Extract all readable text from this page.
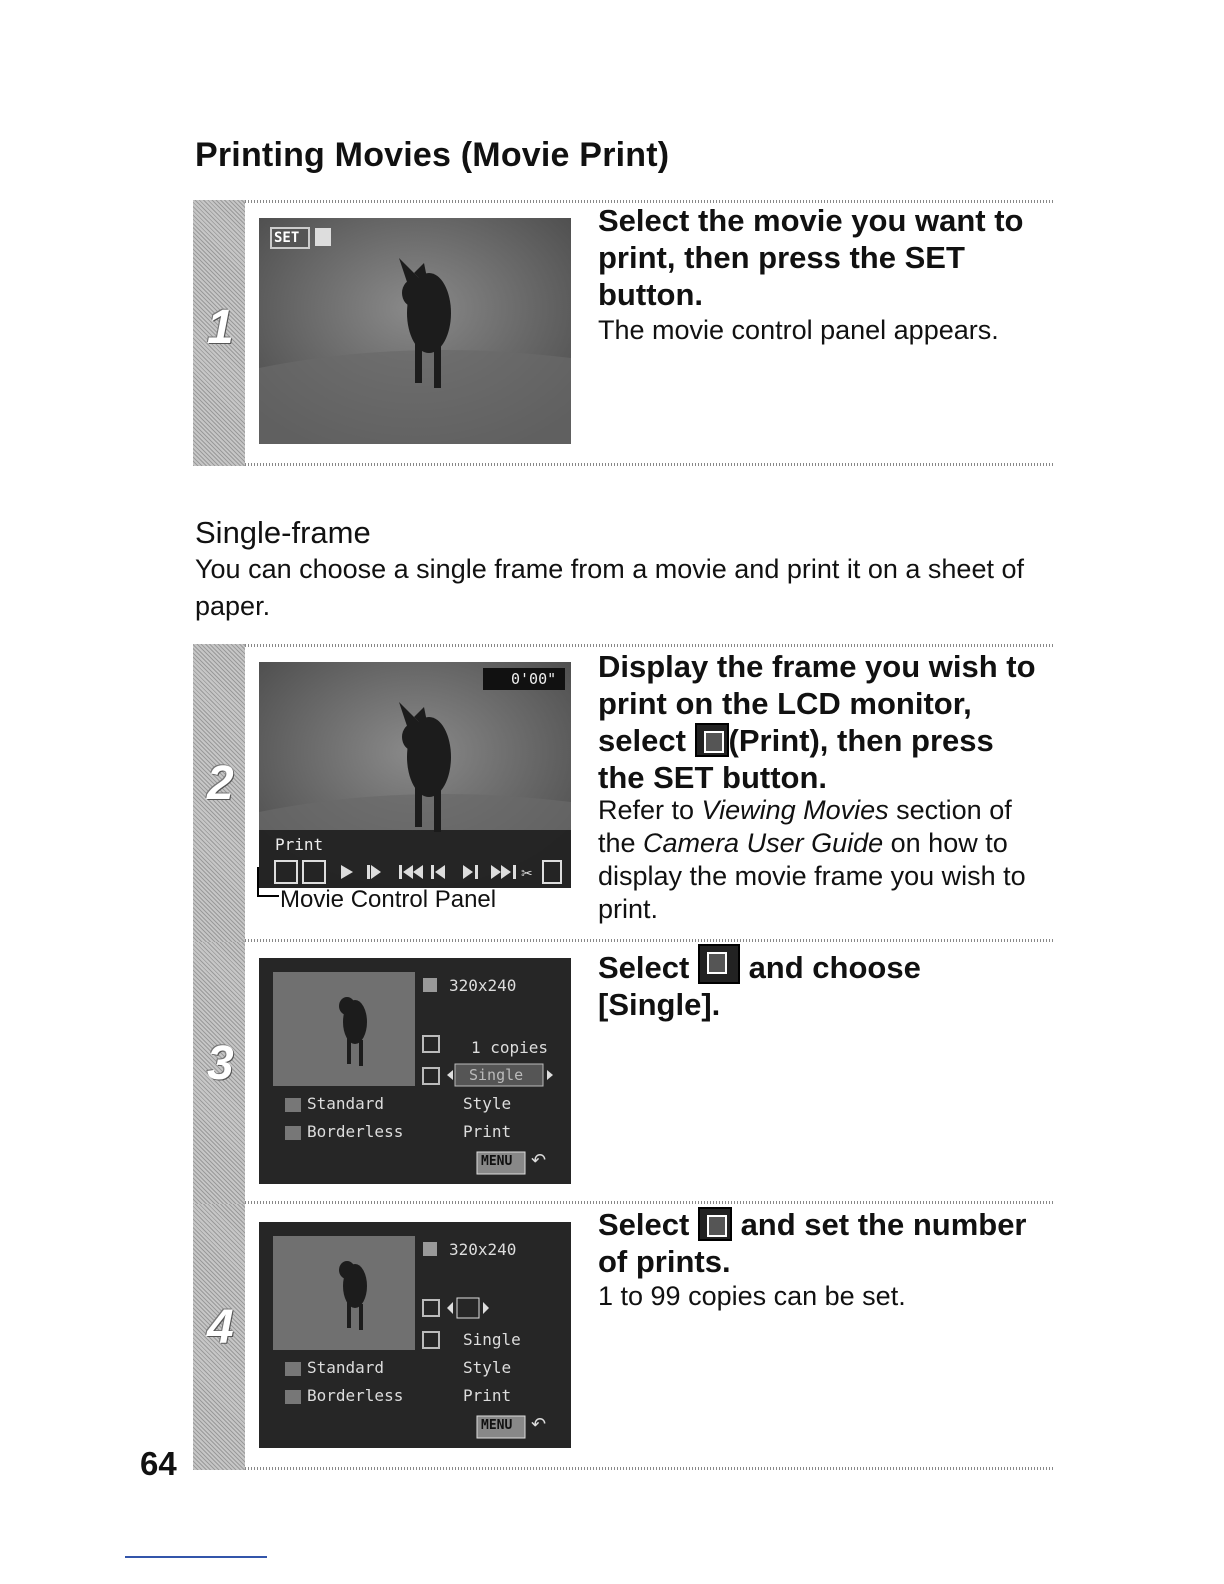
Printing Movies (Movie Print)
1
SET	Select the movie you want to print, then press the SET button.
The movie control panel appears.
Single-frame
You can choose a single frame from a movie and print it on a sheet of paper.
2
✂
0'00"
Print
Movie Control Panel
Display the frame you wish to print on the LCD monitor, select (Print), then press the SET button.
Refer to Viewing Movies section of the Camera User Guide on how to display the movie frame you wish to print.
3
320x240
1 copies
Single
Standard
Borderless
Style
Print
MENU ↶
Select  and choose [Single].
4
320x240
Single
Standard
Borderless
Style
Print
MENU ↶
Select  and set the number of prints.
1 to 99 copies can be set.
64
